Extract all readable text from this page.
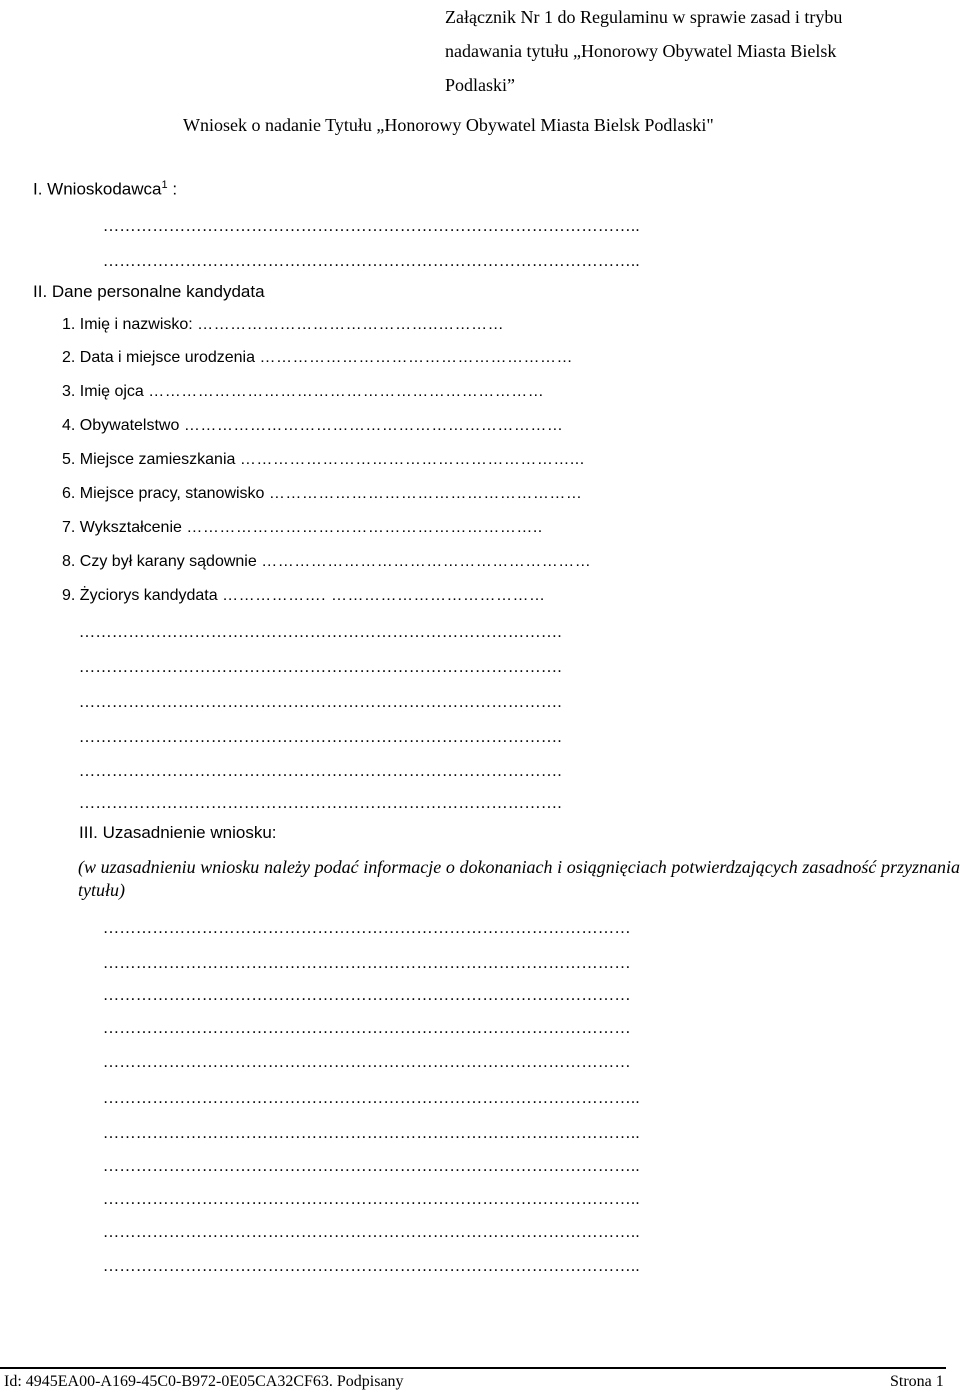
Załącznik Nr 1 do Regulaminu w sprawie zasad i trybu
nadawania tytułu „Honorowy Obywatel Miasta Bielsk
Podlaski”
Wniosek o nadanie Tytułu „Honorowy Obywatel Miasta Bielsk Podlaski"
I. Wnioskodawca$^1$ :
……………………………………………………………………………………..
……………………………………………………………………………………..
II. Dane personalne kandydata
1. Imię i nazwisko: ……………………………………..…………
2. Data i miejsce urodzenia …………………………………………………
3. Imię ojca ………………………………………………………………
4. Obywatelstwo ……………………………………………………………
5. Miejsce zamieszkania ……………………………………………………...
6. Miejsce pracy, stanowisko …………………………………………………
7. Wykształcenie ………………………………………………………..
8. Czy był karany sądownie ……………………………………………………
9. Życiorys kandydata ………………. …………………………………
…………………………………………………………………………….
…………………………………………………………………………….
…………………………………………………………………………….
…………………………………………………………………………….
…………………………………………………………………………….
…………………………………………………………………………….
III. Uzasadnienie wniosku:
(w uzasadnieniu wniosku należy podać informacje o dokonaniach i osiągnięciach potwierdzających zasadność przyznania tytułu)
……………………………………………………………………………………
……………………………………………………………………………………
……………………………………………………………………………………
……………………………………………………………………………………
……………………………………………………………………………………
……………………………………………………………………………………..
……………………………………………………………………………………..
……………………………………………………………………………………..
……………………………………………………………………………………..
……………………………………………………………………………………..
……………………………………………………………………………………..
Id: 4945EA00-A169-45C0-B972-0E05CA32CF63. Podpisany	Strona 1
